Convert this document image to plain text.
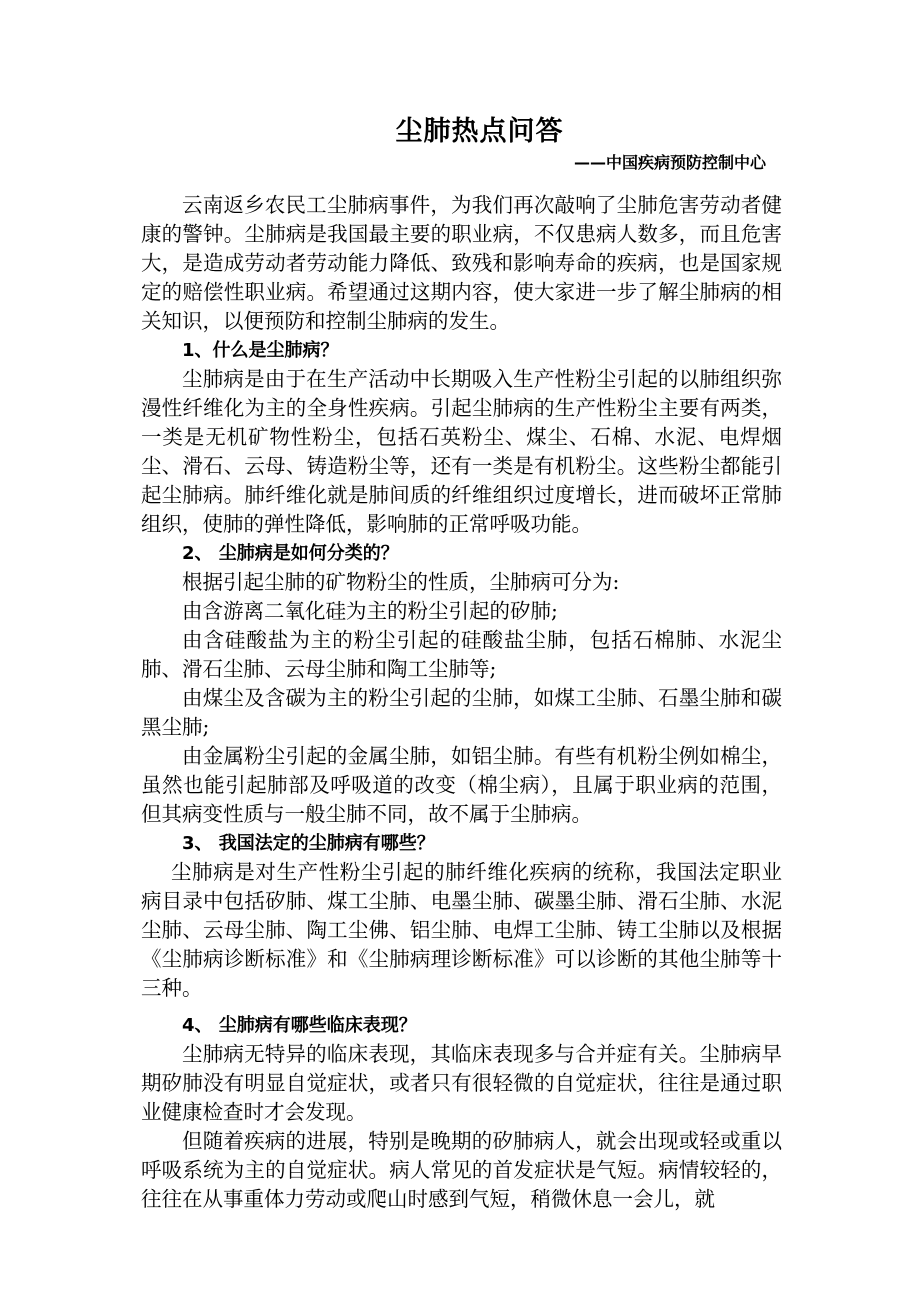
尘肺热点问答
——中国疾病预防控制中心

云南返乡农民工尘肺病事件，为我们再次敲响了尘肺危害劳动者健康的警钟。尘肺病是我国最主要的职业病，不仅患病人数多，而且危害大，是造成劳动者劳动能力降低、致残和影响寿命的疾病，也是国家规定的赔偿性职业病。希望通过这期内容，使大家进一步了解尘肺病的相关知识，以便预防和控制尘肺病的发生。

1、什么是尘肺病？

尘肺病是由于在生产活动中长期吸入生产性粉尘引起的以肺组织弥漫性纤维化为主的全身性疾病。引起尘肺病的生产性粉尘主要有两类，一类是无机矿物性粉尘，包括石英粉尘、煤尘、石棉、水泥、电焊烟尘、滑石、云母、铸造粉尘等，还有一类是有机粉尘。这些粉尘都能引起尘肺病。肺纤维化就是肺间质的纤维组织过度增长，进而破坏正常肺组织，使肺的弹性降低，影响肺的正常呼吸功能。

2、 尘肺病是如何分类的？

根据引起尘肺的矿物粉尘的性质，尘肺病可分为:

由含游离二氧化硅为主的粉尘引起的矽肺;

由含硅酸盐为主的粉尘引起的硅酸盐尘肺，包括石棉肺、水泥尘肺、滑石尘肺、云母尘肺和陶工尘肺等;

由煤尘及含碳为主的粉尘引起的尘肺，如煤工尘肺、石墨尘肺和碳黑尘肺;

由金属粉尘引起的金属尘肺，如铝尘肺。有些有机粉尘例如棉尘，虽然也能引起肺部及呼吸道的改变（棉尘病），且属于职业病的范围，但其病变性质与一般尘肺不同，故不属于尘肺病。

3、 我国法定的尘肺病有哪些？

尘肺病是对生产性粉尘引起的肺纤维化疾病的统称，我国法定职业病目录中包括矽肺、煤工尘肺、电墨尘肺、碳墨尘肺、滑石尘肺、水泥尘肺、云母尘肺、陶工尘佛、铝尘肺、电焊工尘肺、铸工尘肺以及根据《尘肺病诊断标准》和《尘肺病理诊断标准》可以诊断的其他尘肺等十三种。

4、 尘肺病有哪些临床表现？

尘肺病无特异的临床表现，其临床表现多与合并症有关。尘肺病早期矽肺没有明显自觉症状，或者只有很轻微的自觉症状，往往是通过职业健康检查时才会发现。

但随着疾病的进展，特别是晚期的矽肺病人，就会出现或轻或重以呼吸系统为主的自觉症状。病人常见的首发症状是气短。病情较轻的，往往在从事重体力劳动或爬山时感到气短，稍微休息一会儿，就
